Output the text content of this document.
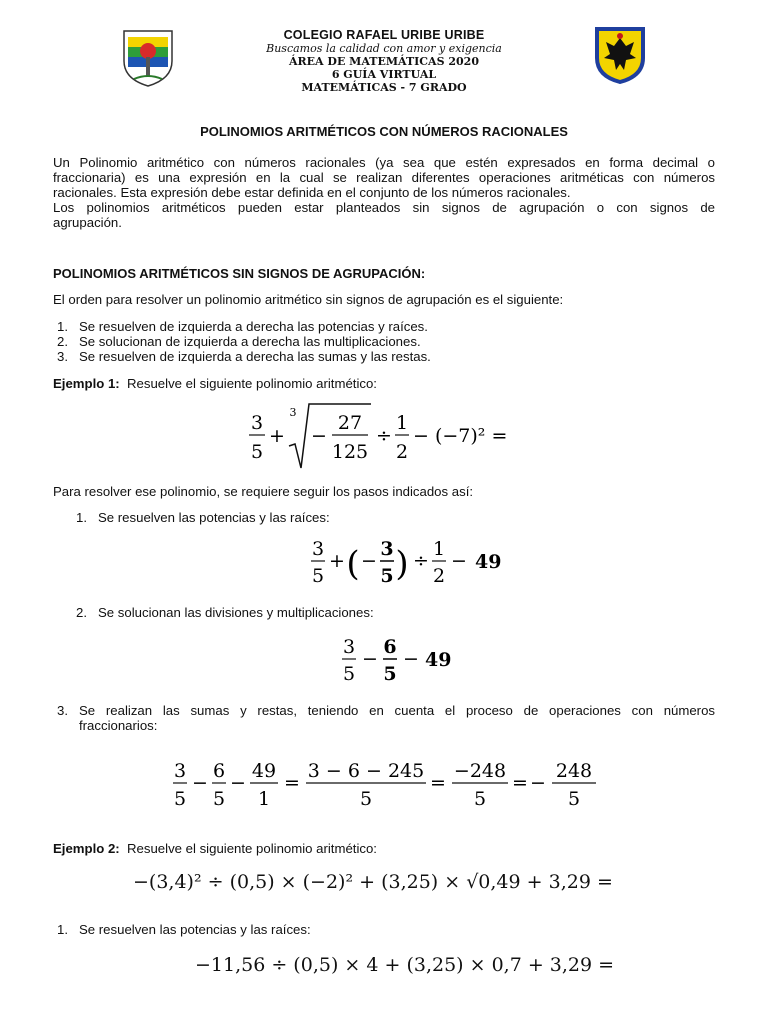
COLEGIO RAFAEL URIBE URIBE
Buscamos la calidad con amor y exigencia
ÁREA DE MATEMÁTICAS 2020
6 GUÍA VIRTUAL
MATEMÁTICAS - 7 GRADO
POLINOMIOS ARITMÉTICOS CON NÚMEROS RACIONALES
Un Polinomio aritmético con números racionales (ya sea que estén expresados en forma decimal o
fraccionaria) es una expresión en la cual se realizan diferentes operaciones aritméticas con números
racionales. Esta expresión debe estar definida en el conjunto de los números racionales.
Los polinomios aritméticos pueden estar planteados sin signos de agrupación o con signos de
agrupación.
POLINOMIOS ARITMÉTICOS SIN SIGNOS DE AGRUPACIÓN:
El orden para resolver un polinomio aritmético sin signos de agrupación es el siguiente:
1. Se resuelven de izquierda a derecha las potencias y raíces.
2. Se solucionan de izquierda a derecha las multiplicaciones.
3. Se resuelven de izquierda a derecha las sumas y las restas.
Ejemplo 1: Resuelve el siguiente polinomio aritmético:
3
5
+
3
−
27
125
÷
1
2
− (−7)² =
Para resolver ese polinomio, se requiere seguir los pasos indicados así:
1. Se resuelven las potencias y las raíces:
3
5
+ ( −
3
5 ) ÷
1
2
− 49
2. Se solucionan las divisiones y multiplicaciones:
3
5
−
6
5
− 49
3. Se realizan las sumas y restas, teniendo en cuenta el proceso de operaciones con números
fraccionarios:
3
5
−
6
5
−
49
1
=
3 − 6 − 245
5
=
−248
5
= −
248
5
Ejemplo 2: Resuelve el siguiente polinomio aritmético:
−(3,4)² ÷ (0,5) × (−2)² + (3,25) × √0,49 + 3,29 =
1. Se resuelven las potencias y las raíces:
−11,56 ÷ (0,5) × 4 + (3,25) × 0,7 + 3,29 =
